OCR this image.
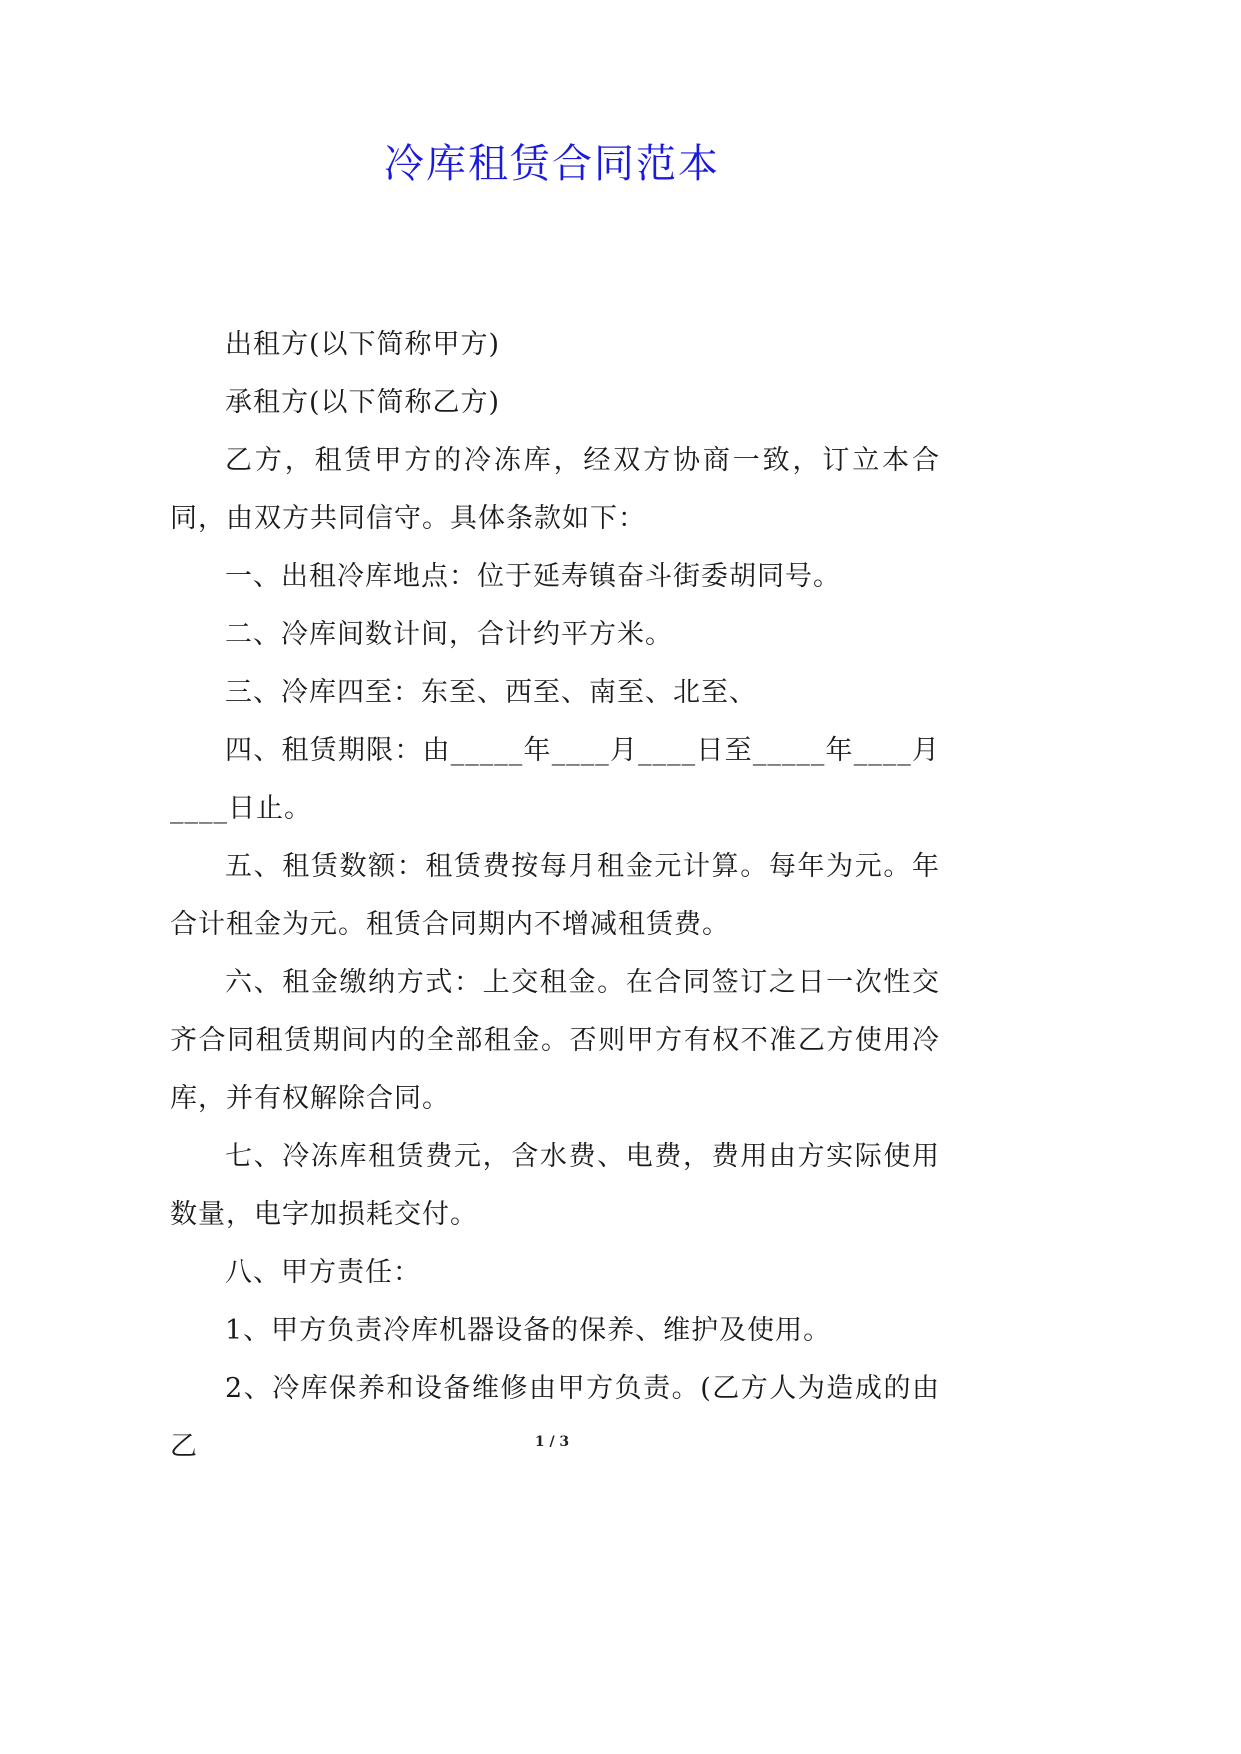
冷库租赁合同范本

出租方(以下简称甲方)

承租方(以下简称乙方)

乙方，租赁甲方的冷冻库，经双方协商一致，订立本合同，由双方共同信守。具体条款如下：

一、出租冷库地点：位于延寿镇奋斗街委胡同号。

二、冷库间数计间，合计约平方米。

三、冷库四至：东至、西至、南至、北至、

四、租赁期限：由_____年____月____日至_____年____月____日止。

五、租赁数额：租赁费按每月租金元计算。每年为元。年合计租金为元。租赁合同期内不增减租赁费。

六、租金缴纳方式：上交租金。在合同签订之日一次性交齐合同租赁期间内的全部租金。否则甲方有权不准乙方使用冷库，并有权解除合同。

七、冷冻库租赁费元，含水费、电费，费用由方实际使用数量，电字加损耗交付。

八、甲方责任：

1、甲方负责冷库机器设备的保养、维护及使用。

2、冷库保养和设备维修由甲方负责。(乙方人为造成的由乙	1 / 3
